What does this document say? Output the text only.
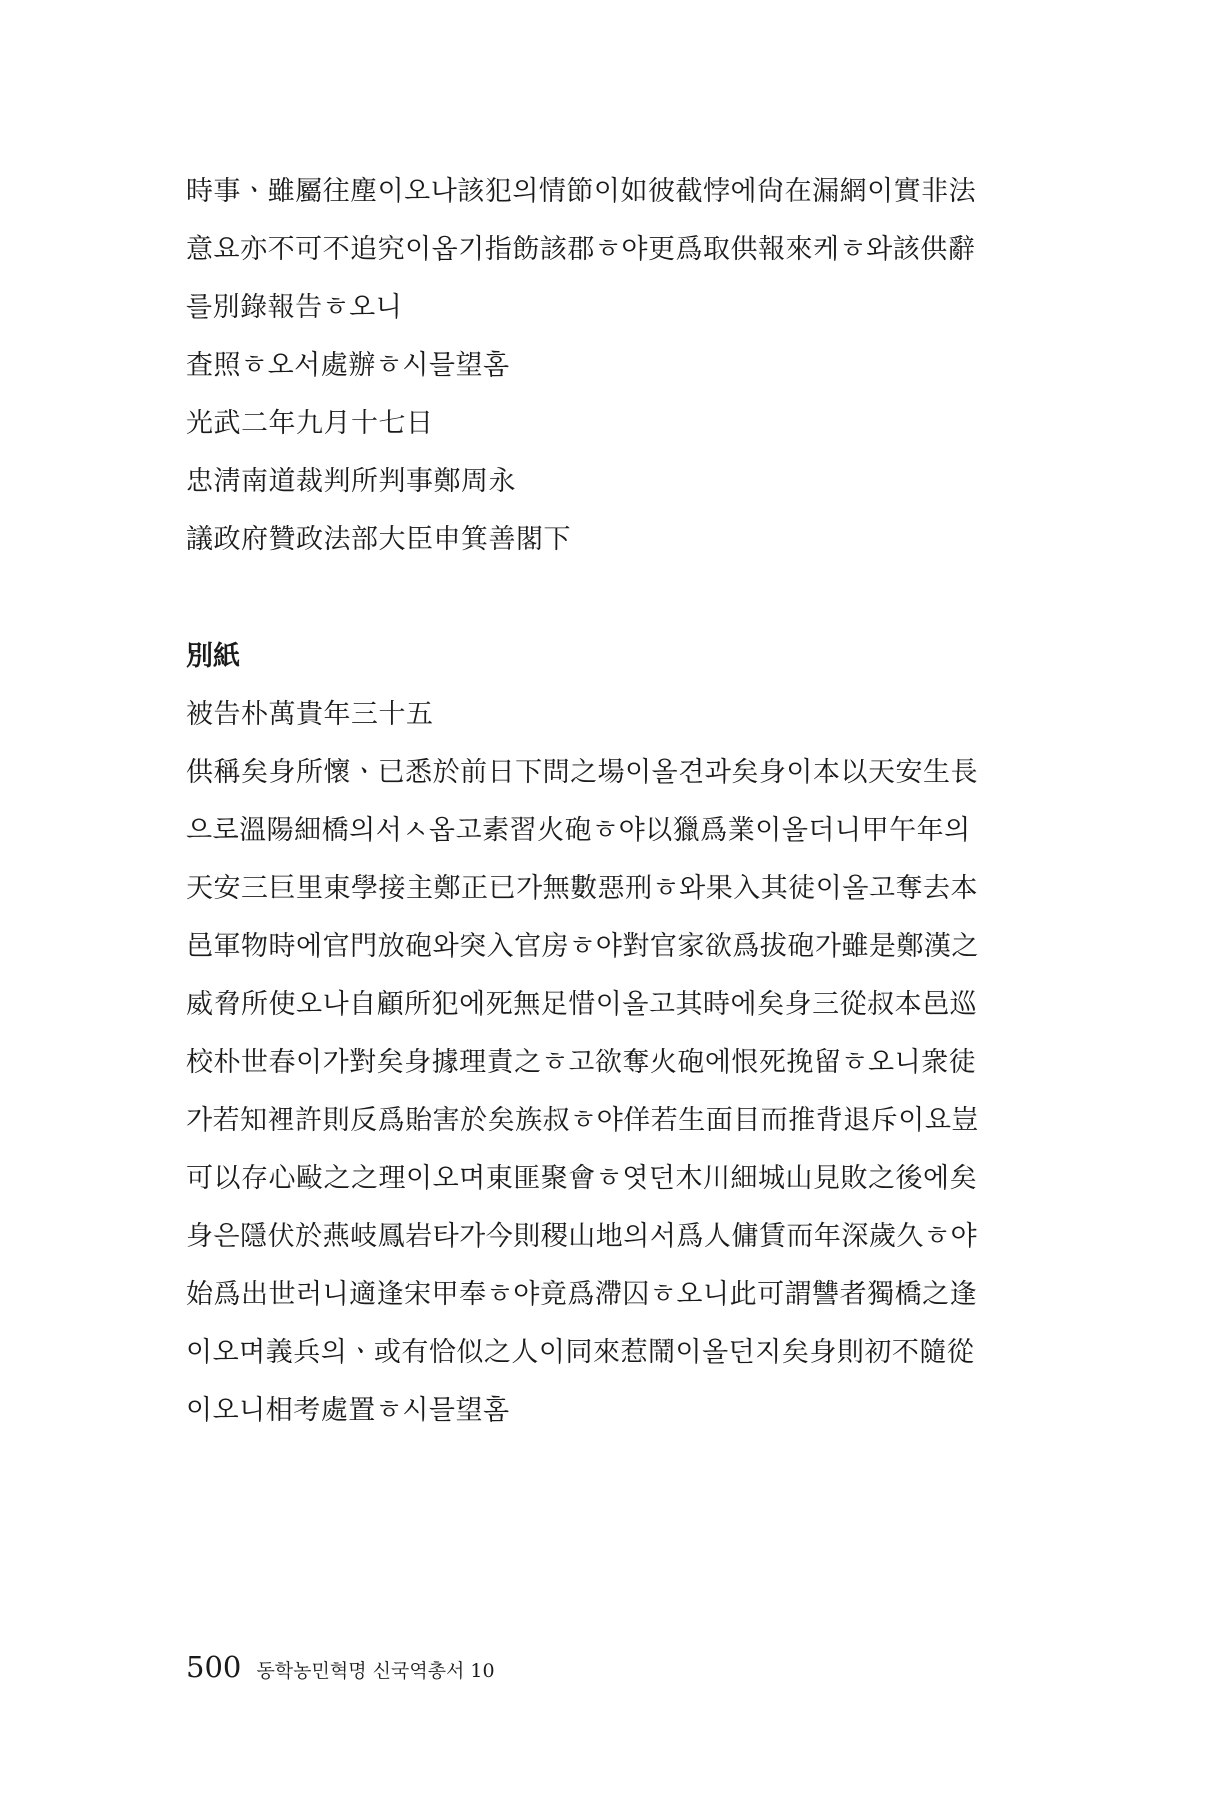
時事ㆍ雖屬往塵이오나該犯의情節이如彼截悖에尙在漏網이實非法
意요亦不可不追究이옵기指飭該郡ㅎ야更爲取供報來케ㅎ와該供辭
를別錄報告ㅎ오니
査照ㅎ오서處辦ㅎ시믈望홈
光武二年九月十七日
忠淸南道裁判所判事鄭周永
議政府贊政法部大臣申箕善閣下
別紙
被告朴萬貴年三十五
供稱矣身所懷ㆍ已悉於前日下問之場이올견과矣身이本以天安生長
으로溫陽細橋의서ㅅ옵고素習火砲ㅎ야以獵爲業이올더니甲午年의
天安三巨里東學接主鄭正已가無數惡刑ㅎ와果入其徒이올고奪去本
邑軍物時에官門放砲와突入官房ㅎ야對官家欲爲拔砲가雖是鄭漢之
威脅所使오나自顧所犯에死無足惜이올고其時에矣身三從叔本邑巡
校朴世春이가對矣身據理責之ㅎ고欲奪火砲에恨死挽留ㅎ오니衆徒
가若知裡許則反爲貽害於矣族叔ㅎ야佯若生面目而推背退斥이요豈
可以存心敺之之理이오며東匪聚會ㅎ엿던木川細城山見敗之後에矣
身은隱伏於燕岐鳳岩타가今則稷山地의서爲人傭賃而年深歲久ㅎ야
始爲出世러니適逢宋甲奉ㅎ야竟爲滯囚ㅎ오니此可謂讐者獨橋之逢
이오며義兵의ㆍ或有恰似之人이同來惹鬧이올던지矣身則初不隨從
이오니相考處置ㅎ시믈望홈
500 동학농민혁명 신국역총서 10
